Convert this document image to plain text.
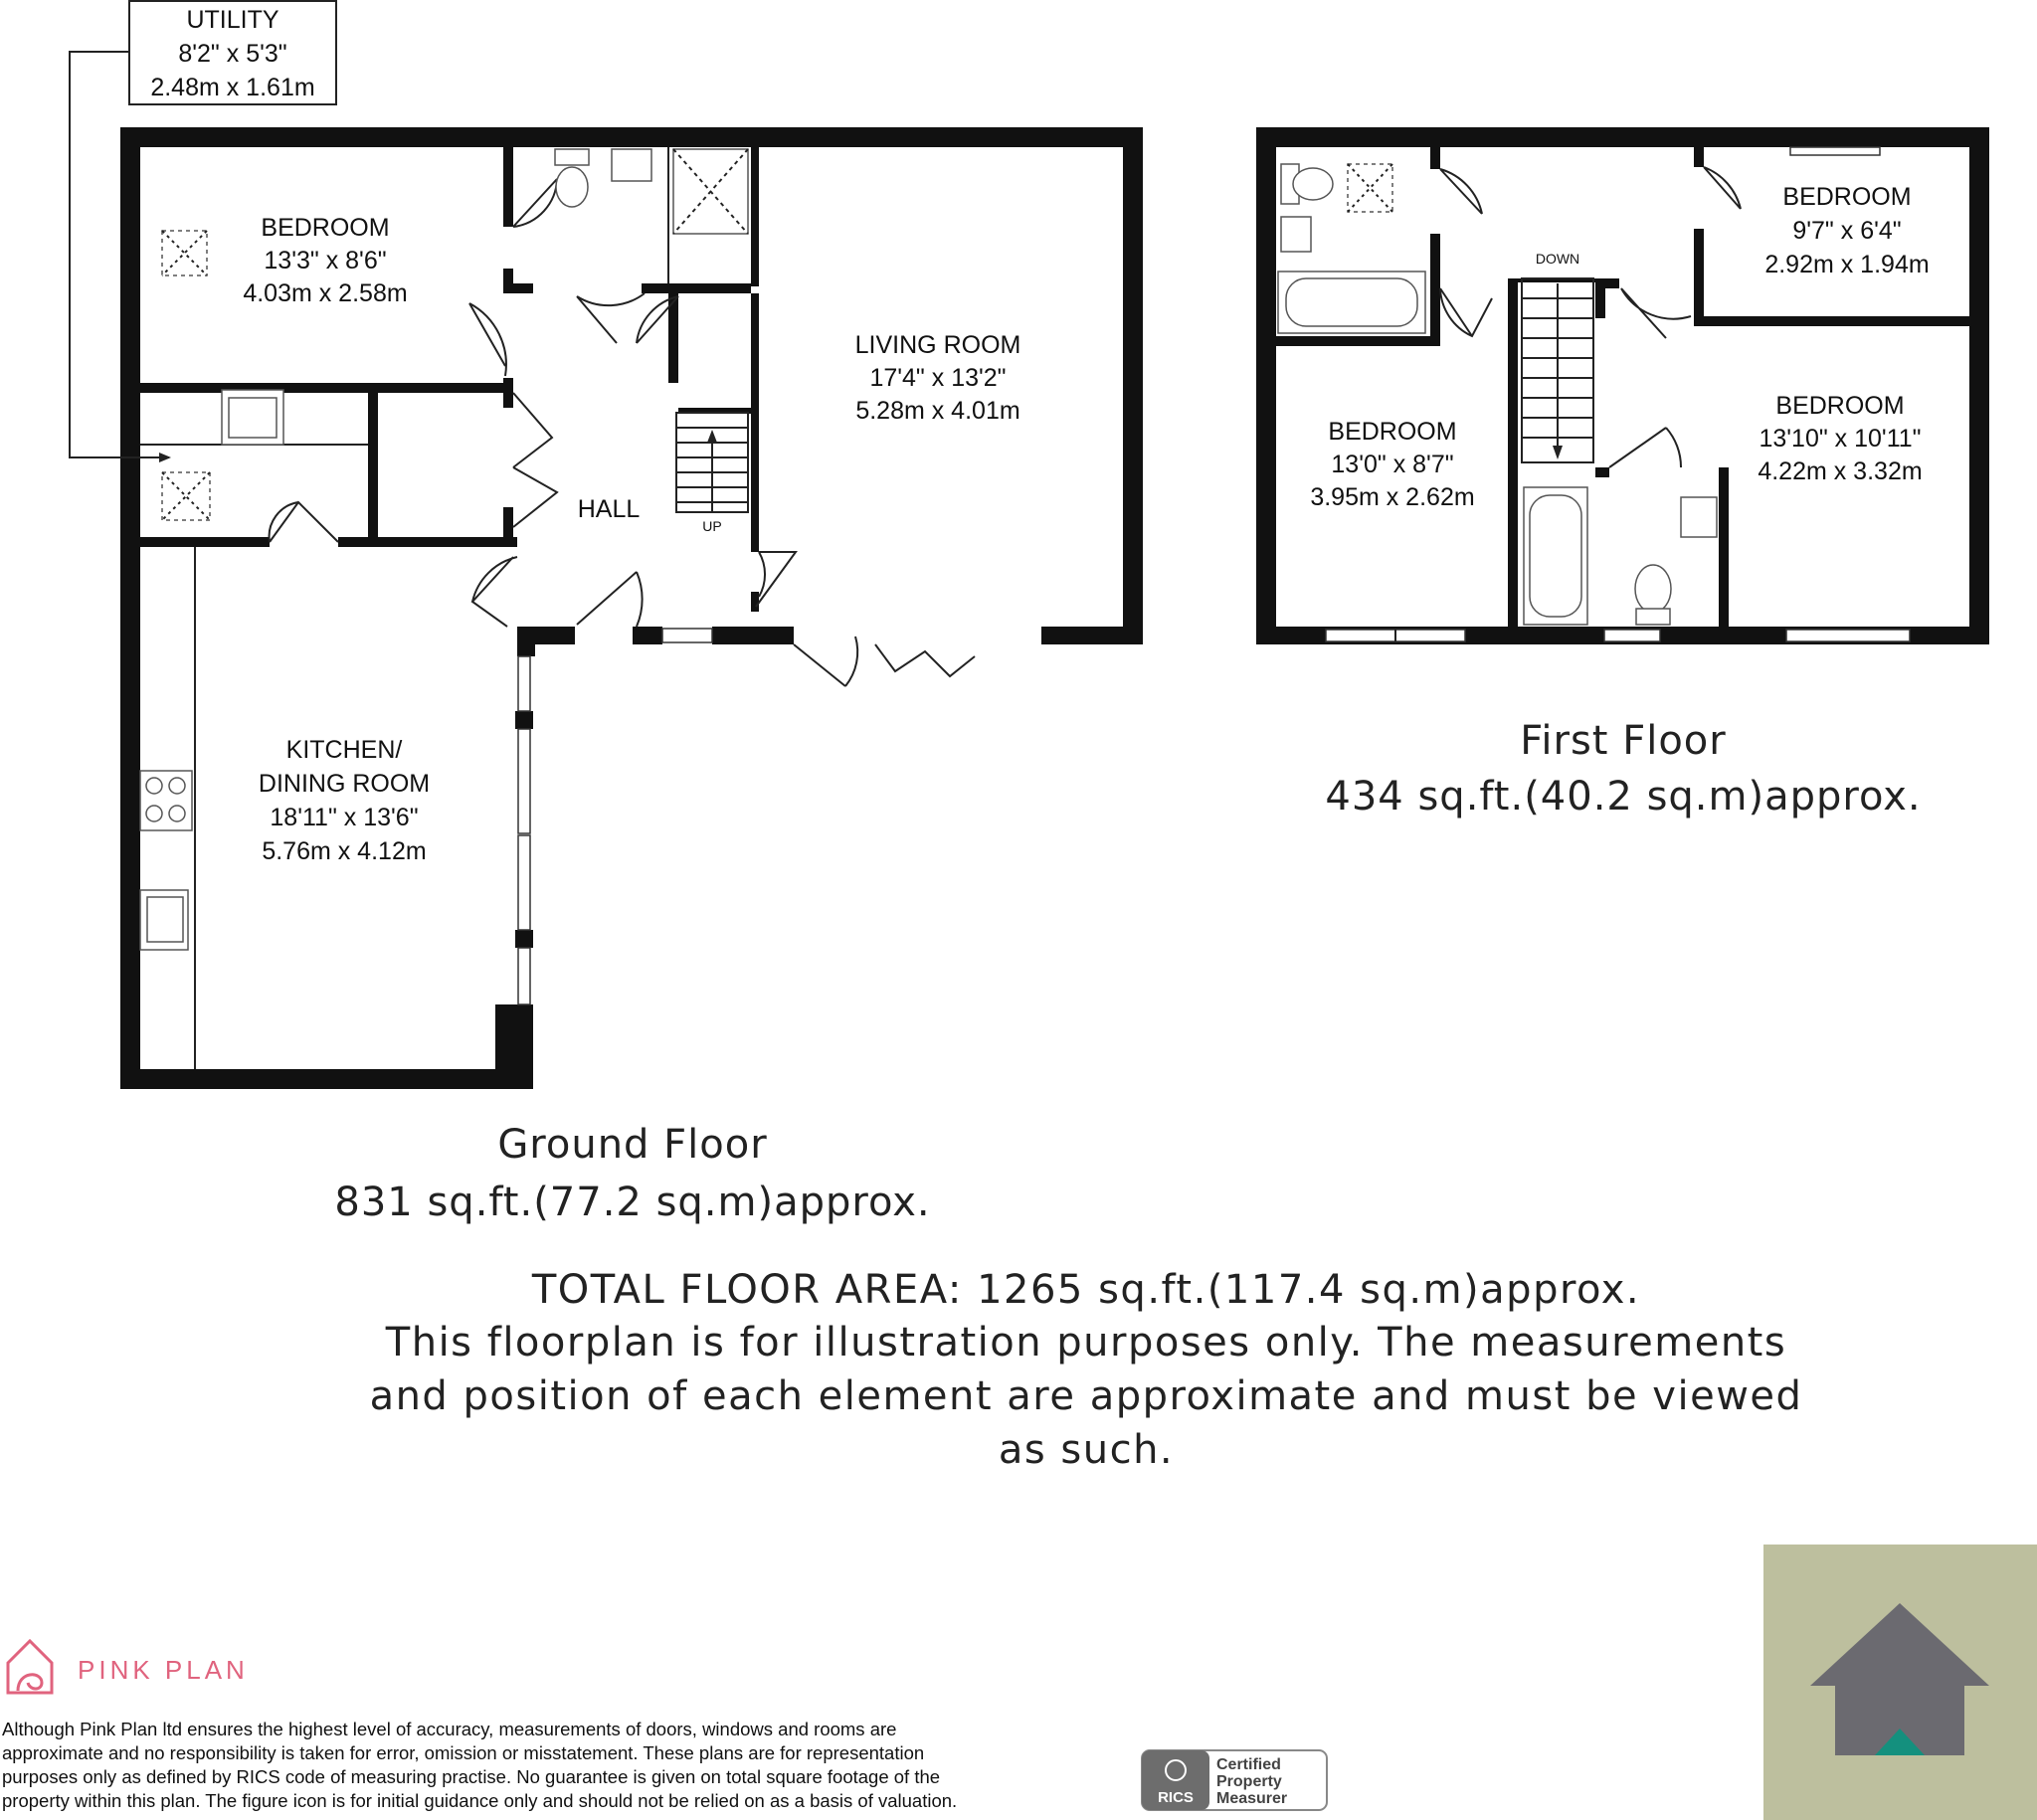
UTILITY
8'2" x 5'3"
2.48m x 1.61m
BEDROOM
13'3" x 8'6"
4.03m x 2.58m
LIVING ROOM
17'4" x 13'2"
5.28m x 4.01m
HALL
UP
KITCHEN/
DINING ROOM
18'11" x 13'6"
5.76m x 4.12m
Ground Floor
831 sq.ft.(77.2 sq.m)approx.
BEDROOM
9'7" x 6'4"
2.92m x 1.94m
DOWN
BEDROOM
13'0" x 8'7"
3.95m x 2.62m
BEDROOM
13'10" x 10'11"
4.22m x 3.32m
First Floor
434 sq.ft.(40.2 sq.m)approx.
TOTAL FLOOR AREA: 1265 sq.ft.(117.4 sq.m)approx.
This floorplan is for illustration purposes only. The measurements
and position of each element are approximate and must be viewed
as such.
PINK PLAN
Although Pink Plan ltd ensures the highest level of accuracy, measurements of doors, windows and rooms are
approximate and no responsibility is taken for error, omission or misstatement. These plans are for representation
purposes only as defined by RICS code of measuring practise. No guarantee is given on total square footage of the
property within this plan. The figure icon is for initial guidance only and should not be relied on as a basis of valuation.	RICS
Certified
Property
Measurer
